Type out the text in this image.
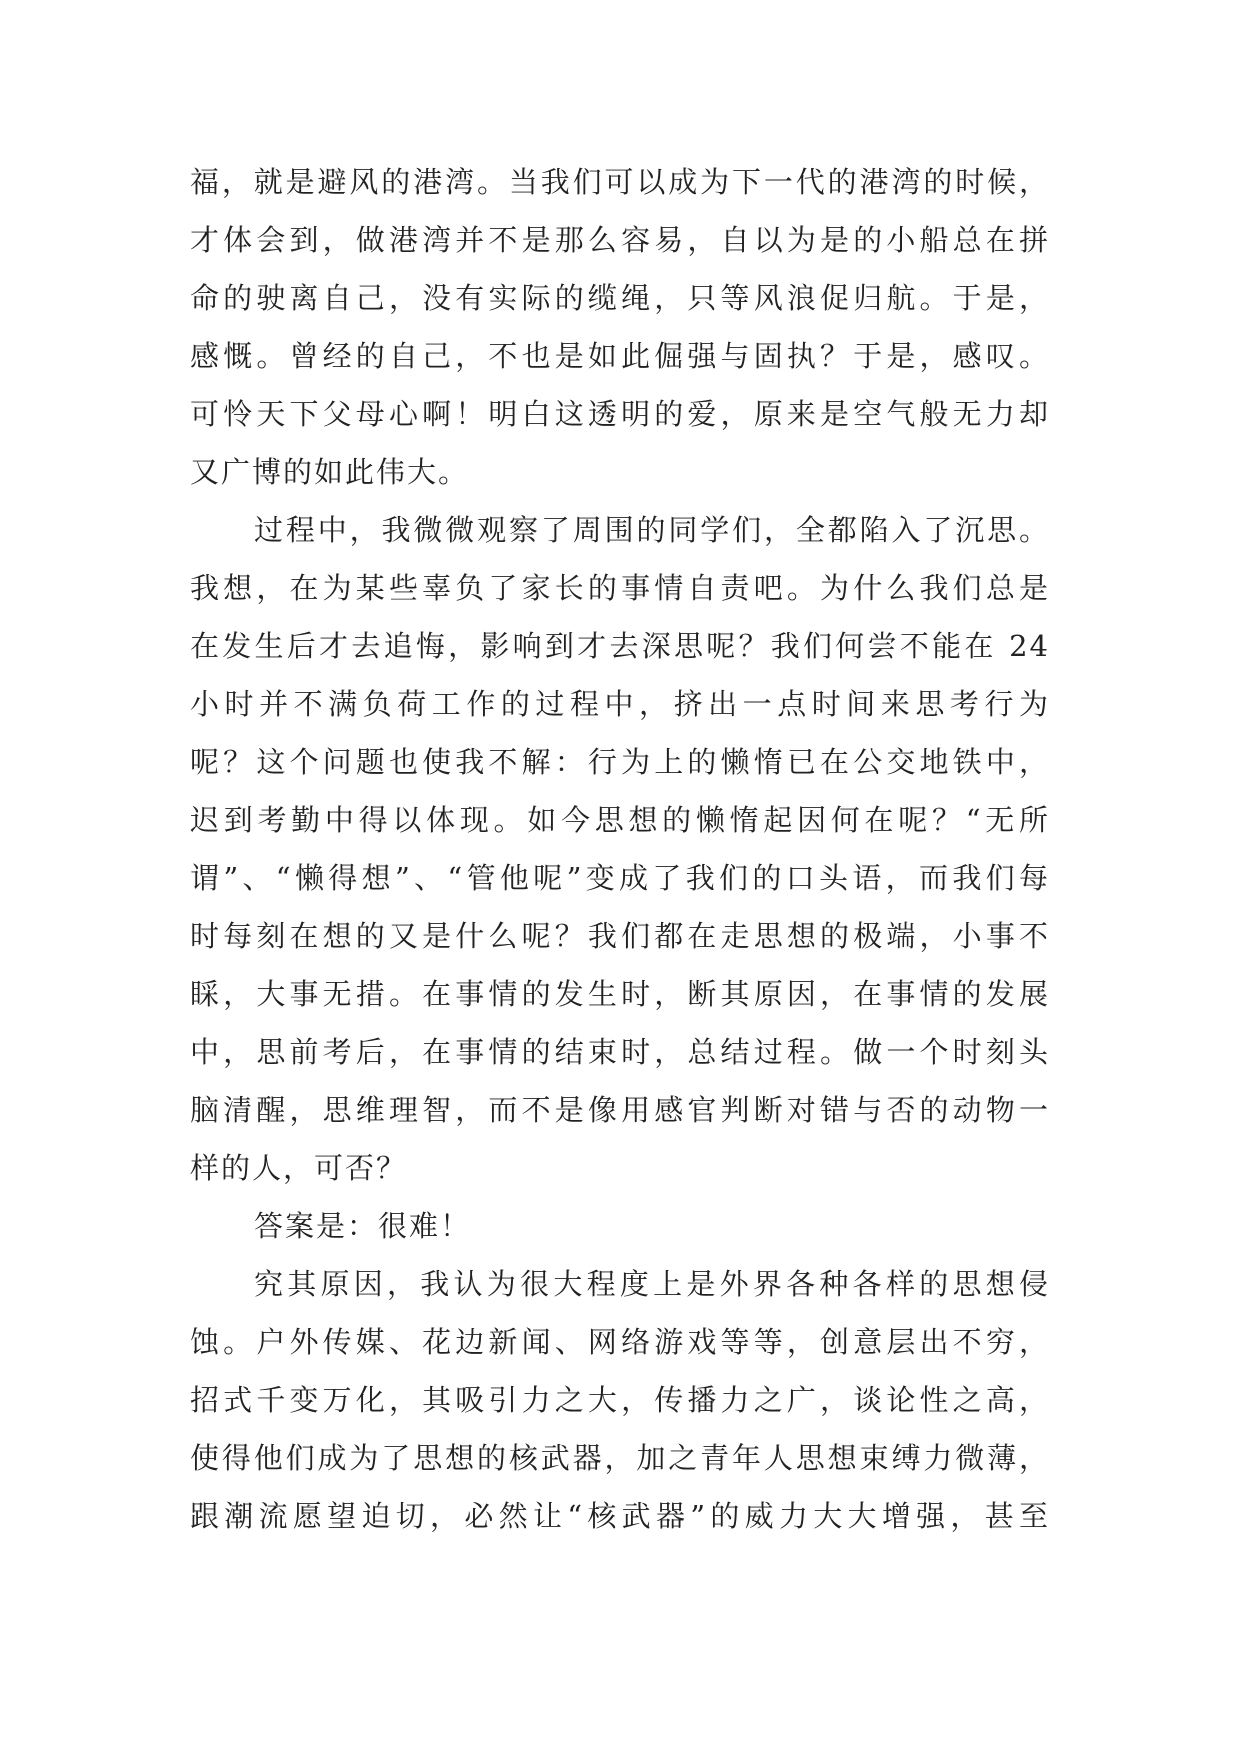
福，就是避风的港湾。当我们可以成为下一代的港湾的时候，
才体会到，做港湾并不是那么容易，自以为是的小船总在拼
命的驶离自己，没有实际的缆绳，只等风浪促归航。于是，
感慨。曾经的自己，不也是如此倔强与固执？于是，感叹。
可怜天下父母心啊！明白这透明的爱，原来是空气般无力却
又广博的如此伟大。
过程中，我微微观察了周围的同学们，全都陷入了沉思。
我想，在为某些辜负了家长的事情自责吧。为什么我们总是
在发生后才去追悔，影响到才去深思呢？我们何尝不能在 24
小时并不满负荷工作的过程中，挤出一点时间来思考行为
呢？这个问题也使我不解：行为上的懒惰已在公交地铁中，
迟到考勤中得以体现。如今思想的懒惰起因何在呢？“无所
谓”、“懒得想”、“管他呢”变成了我们的口头语，而我们每
时每刻在想的又是什么呢？我们都在走思想的极端，小事不
睬，大事无措。在事情的发生时，断其原因，在事情的发展
中，思前考后，在事情的结束时，总结过程。做一个时刻头
脑清醒，思维理智，而不是像用感官判断对错与否的动物一
样的人，可否？
答案是：很难！
究其原因，我认为很大程度上是外界各种各样的思想侵
蚀。户外传媒、花边新闻、网络游戏等等，创意层出不穷，
招式千变万化，其吸引力之大，传播力之广，谈论性之高，
使得他们成为了思想的核武器，加之青年人思想束缚力微薄，
跟潮流愿望迫切，必然让“核武器”的威力大大增强，甚至
